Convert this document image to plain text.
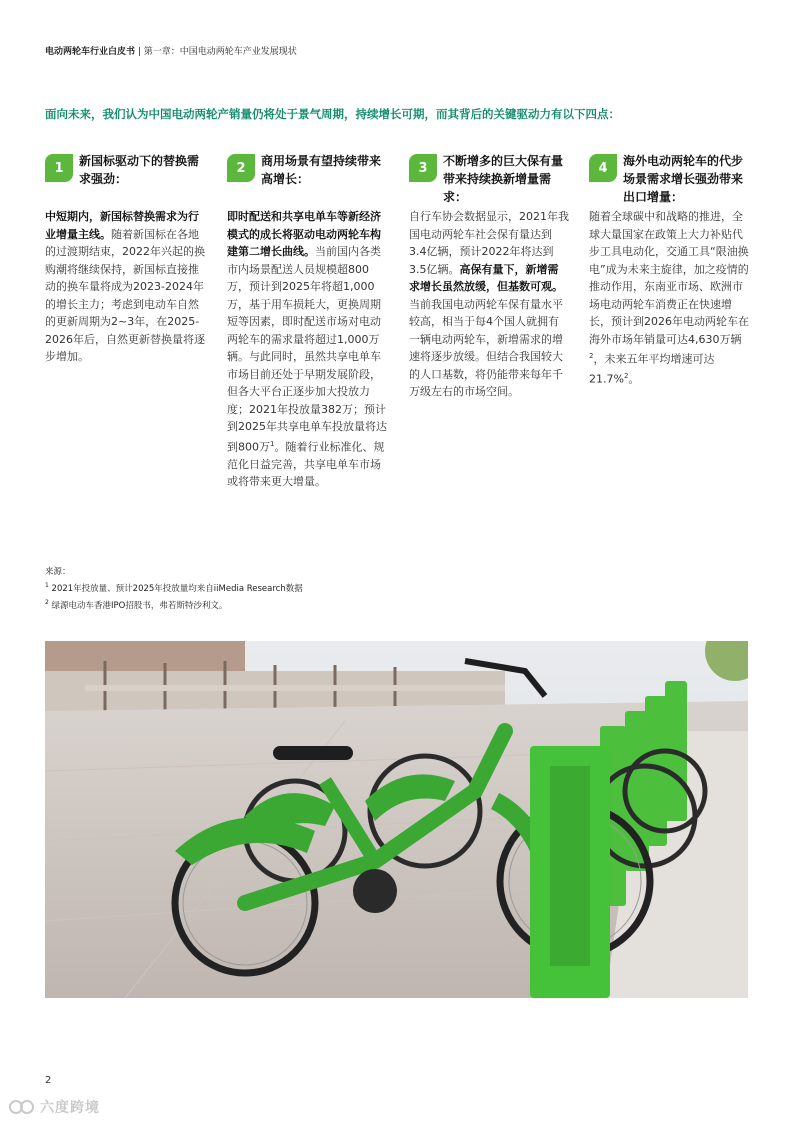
电动两轮车行业白皮书 | 第一章：中国电动两轮车产业发展现状
面向未来，我们认为中国电动两轮产销量仍将处于景气周期，持续增长可期，而其背后的关键驱动力有以下四点：
1	新国标驱动下的替换需求强劲：
中短期内，新国标替换需求为行业增量主线。随着新国标在各地的过渡期结束，2022年兴起的换购潮将继续保持，新国标直接推动的换车量将成为2023-2024年的增长主力；考虑到电动车自然的更新周期为2~3年，在2025-2026年后，自然更新替换量将逐步增加。
2	商用场景有望持续带来高增长：
即时配送和共享电单车等新经济模式的成长将驱动电动两轮车构建第二增长曲线。当前国内各类市内场景配送人员规模超800万，预计到2025年将超1,000万，基于用车损耗大，更换周期短等因素，即时配送市场对电动两轮车的需求量将超过1,000万辆。与此同时，虽然共享电单车市场目前还处于早期发展阶段，但各大平台正逐步加大投放力度；2021年投放量382万；预计到2025年共享电单车投放量将达到800万$^1$。随着行业标准化、规范化日益完善，共享电单车市场或将带来更大增量。
3	不断增多的巨大保有量带来持续换新增量需求：
自行车协会数据显示，2021年我国电动两轮车社会保有量达到3.4亿辆，预计2022年将达到3.5亿辆。高保有量下，新增需求增长虽然放缓，但基数可观。当前我国电动两轮车保有量水平较高，相当于每4个国人就拥有一辆电动两轮车，新增需求的增速将逐步放缓。但结合我国较大的人口基数，将仍能带来每年千万级左右的市场空间。
4	海外电动两轮车的代步场景需求增长强劲带来出口增量：
随着全球碳中和战略的推进，全球大量国家在政策上大力补贴代步工具电动化，交通工具“限油换电”成为未来主旋律，加之疫情的推动作用，东南亚市场、欧洲市场电动两轮车消费正在快速增长，预计到2026年电动两轮车在海外市场年销量可达4,630万辆$^2$，未来五年平均增速可达21.7%$^2$。
来源：
$^1$ 2021年投放量、预计2025年投放量均来自iiMedia Research数据
$^2$ 绿源电动车香港IPO招股书，弗若斯特沙利文。
2
六度跨境
